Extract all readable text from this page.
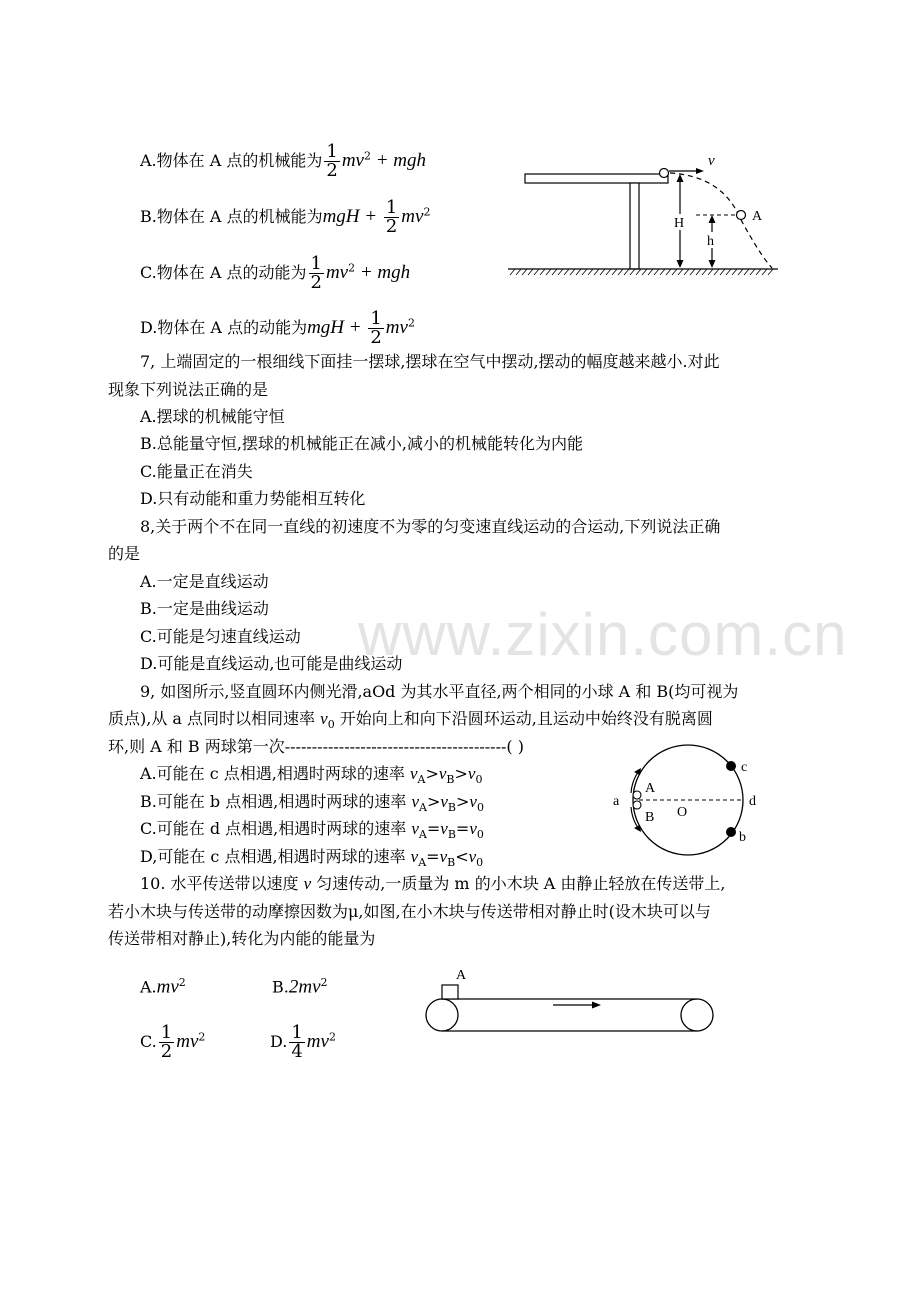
www.zixin.com.cn
A.物体在 A 点的机械能为 $\frac{1}{2} mv^2$ + mgh
B.物体在 A 点的机械能为mgH + $\frac{1}{2} mv^2$
C.物体在 A 点的动能为 $\frac{1}{2} mv^2$ + mgh
D.物体在 A 点的动能为mgH + $\frac{1}{2} mv^2$
v
A
H
h
7, 上端固定的一根细线下面挂一摆球,摆球在空气中摆动,摆动的幅度越来越小.对此
现象下列说法正确的是
A.摆球的机械能守恒
B.总能量守恒,摆球的机械能正在减小,减小的机械能转化为内能
C.能量正在消失
D.只有动能和重力势能相互转化
8,关于两个不在同一直线的初速度不为零的匀变速直线运动的合运动,下列说法正确
的是
A.一定是直线运动
B.一定是曲线运动
C.可能是匀速直线运动
D.可能是直线运动,也可能是曲线运动
9, 如图所示,竖直圆环内侧光滑,aOd 为其水平直径,两个相同的小球 A 和 B(均可视为
质点),从 a 点同时以相同速率 $v_0$ 开始向上和向下沿圆环运动,且运动中始终没有脱离圆
环,则 A 和 B 两球第一次-----------------------------------------( )
A.可能在 c 点相遇,相遇时两球的速率 $v_A>v_B>v_0$
B.可能在 b 点相遇,相遇时两球的速率 $v_A>v_B>v_0$
C.可能在 d 点相遇,相遇时两球的速率 $v_A=v_B=v_0$
D,可能在 c 点相遇,相遇时两球的速率 $v_A=v_B<v_0$
a
A
B O
c
d
b
10. 水平传送带以速度 v 匀速传动,一质量为 m 的小木块 A 由静止轻放在传送带上,
若小木块与传送带的动摩擦因数为μ,如图,在小木块与传送带相对静止时(设木块可以与
传送带相对静止),转化为内能的能量为
$A.mv^2$	$B.2mv^2$
C. $\frac{1}{2} mv^2$	D. $\frac{1}{4} mv^2$
A
